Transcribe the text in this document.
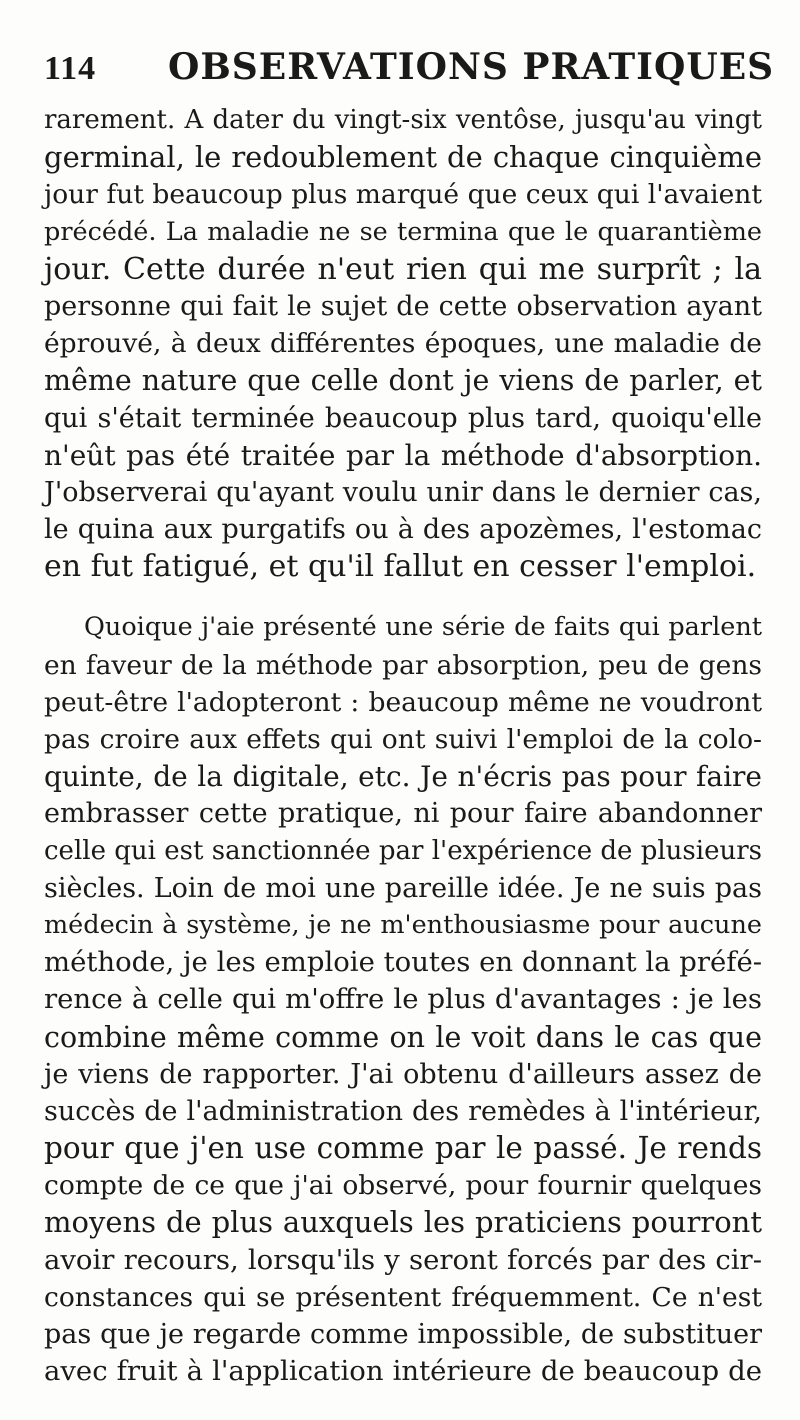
114 OBSERVATIONS PRATIQUES
rarement. A dater du vingt-six ventôse, jusqu'au vingt
germinal, le redoublement de chaque cinquième
jour fut beaucoup plus marqué que ceux qui l'avaient
précédé. La maladie ne se termina que le quarantième
jour. Cette durée n'eut rien qui me surprît ; la
personne qui fait le sujet de cette observation ayant
éprouvé, à deux différentes époques, une maladie de
même nature que celle dont je viens de parler, et
qui s'était terminée beaucoup plus tard, quoiqu'elle
n'eût pas été traitée par la méthode d'absorption.
J'observerai qu'ayant voulu unir dans le dernier cas,
le quina aux purgatifs ou à des apozèmes, l'estomac
en fut fatigué, et qu'il fallut en cesser l'emploi.
Quoique j'aie présenté une série de faits qui parlent
en faveur de la méthode par absorption, peu de gens
peut-être l'adopteront : beaucoup même ne voudront
pas croire aux effets qui ont suivi l'emploi de la colo-
quinte, de la digitale, etc. Je n'écris pas pour faire
embrasser cette pratique, ni pour faire abandonner
celle qui est sanctionnée par l'expérience de plusieurs
siècles. Loin de moi une pareille idée. Je ne suis pas
médecin à système, je ne m'enthousiasme pour aucune
méthode, je les emploie toutes en donnant la préfé-
rence à celle qui m'offre le plus d'avantages : je les
combine même comme on le voit dans le cas que
je viens de rapporter. J'ai obtenu d'ailleurs assez de
succès de l'administration des remèdes à l'intérieur,
pour que j'en use comme par le passé. Je rends
compte de ce que j'ai observé, pour fournir quelques
moyens de plus auxquels les praticiens pourront
avoir recours, lorsqu'ils y seront forcés par des cir-
constances qui se présentent fréquemment. Ce n'est
pas que je regarde comme impossible, de substituer
avec fruit à l'application intérieure de beaucoup de
